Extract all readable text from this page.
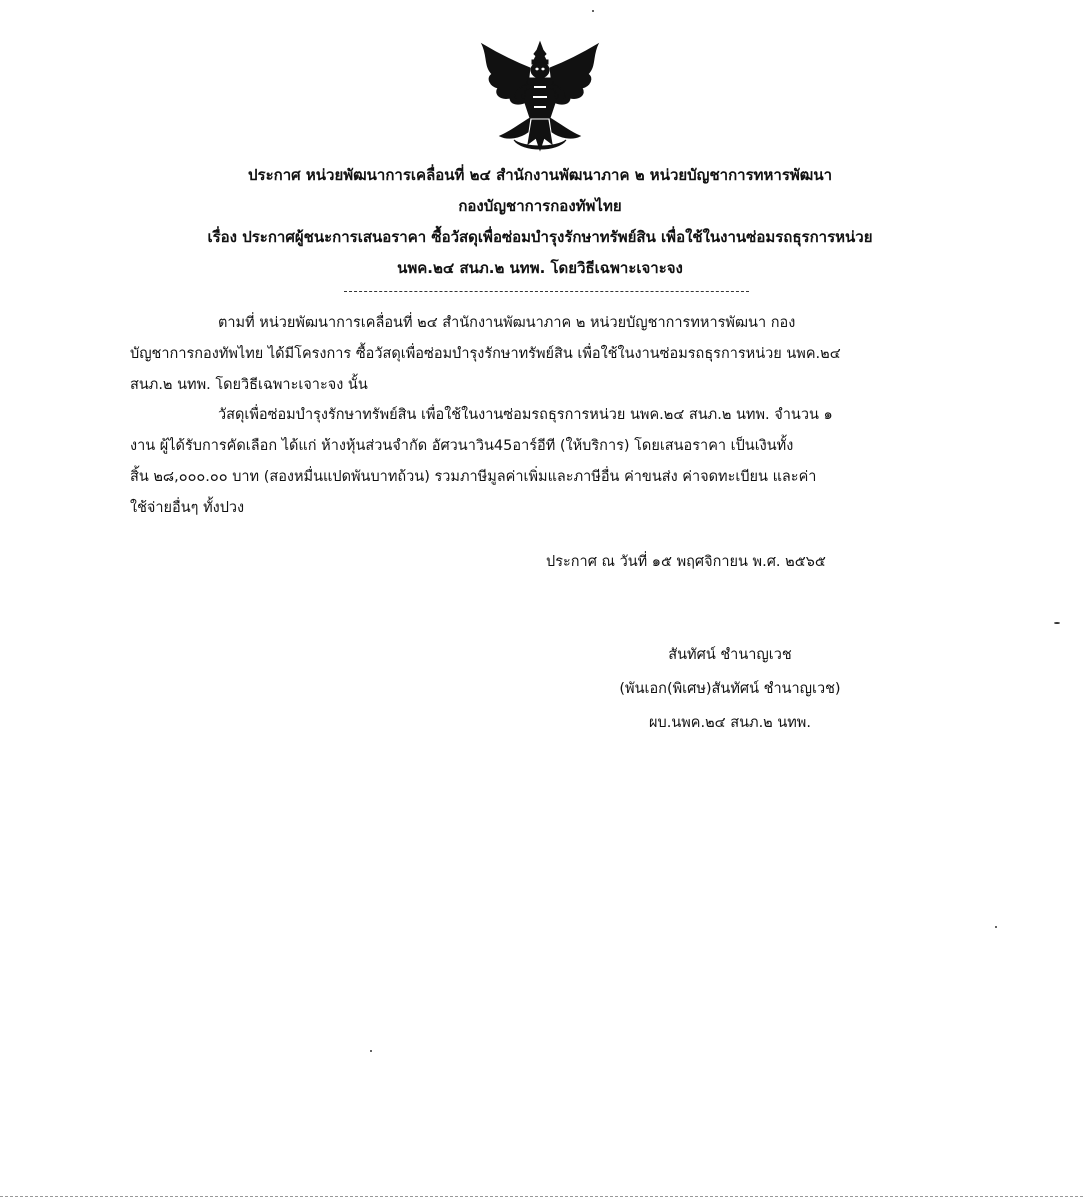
ประกาศ หน่วยพัฒนาการเคลื่อนที่ ๒๔ สำนักงานพัฒนาภาค ๒ หน่วยบัญชาการทหารพัฒนา
กองบัญชาการกองทัพไทย
เรื่อง ประกาศผู้ชนะการเสนอราคา ซื้อวัสดุเพื่อซ่อมบำรุงรักษาทรัพย์สิน เพื่อใช้ในงานซ่อมรถธุรการหน่วย
นพค.๒๔ สนภ.๒ นทพ. โดยวิธีเฉพาะเจาะจง
ตามที่ หน่วยพัฒนาการเคลื่อนที่ ๒๔ สำนักงานพัฒนาภาค ๒ หน่วยบัญชาการทหารพัฒนา กอง
บัญชาการกองทัพไทย ได้มีโครงการ ซื้อวัสดุเพื่อซ่อมบำรุงรักษาทรัพย์สิน เพื่อใช้ในงานซ่อมรถธุรการหน่วย นพค.๒๔
สนภ.๒ นทพ. โดยวิธีเฉพาะเจาะจง นั้น
วัสดุเพื่อซ่อมบำรุงรักษาทรัพย์สิน เพื่อใช้ในงานซ่อมรถธุรการหน่วย นพค.๒๔ สนภ.๒ นทพ. จำนวน ๑
งาน ผู้ได้รับการคัดเลือก ได้แก่ ห้างหุ้นส่วนจำกัด อัศวนาวิน45อาร์อีที (ให้บริการ) โดยเสนอราคา เป็นเงินทั้ง
สิ้น ๒๘,๐๐๐.๐๐ บาท (สองหมื่นแปดพันบาทถ้วน) รวมภาษีมูลค่าเพิ่มและภาษีอื่น ค่าขนส่ง ค่าจดทะเบียน และค่า
ใช้จ่ายอื่นๆ ทั้งปวง
ประกาศ ณ วันที่ ๑๕ พฤศจิกายน พ.ศ. ๒๕๖๕
สันทัศน์ ชำนาญเวช
(พันเอก(พิเศษ)สันทัศน์ ชำนาญเวช)
ผบ.นพค.๒๔ สนภ.๒ นทพ.
